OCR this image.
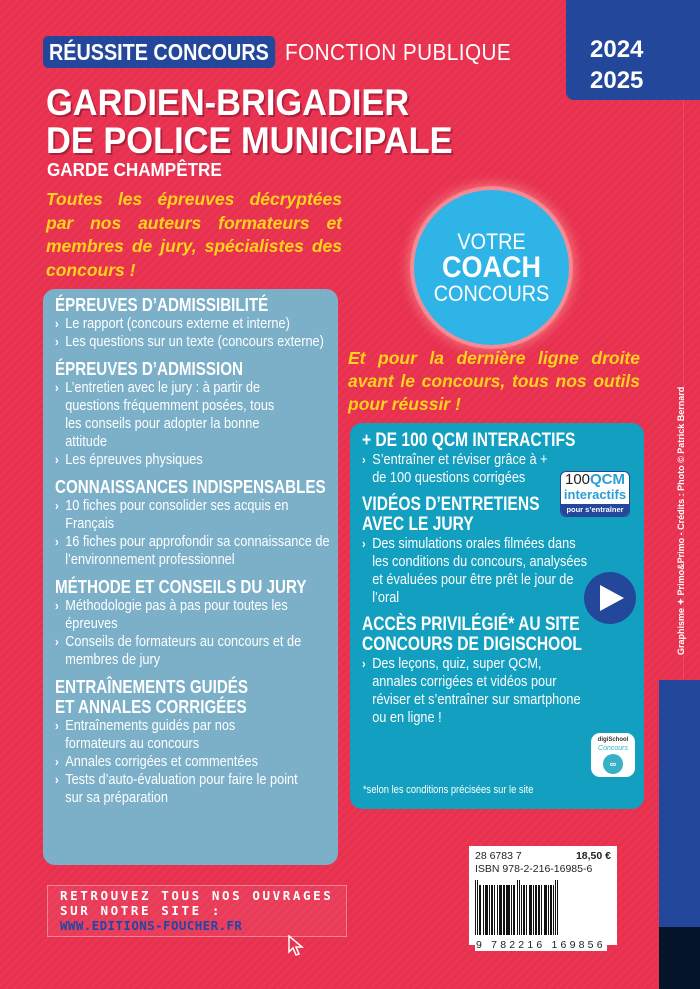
RÉUSSITE CONCOURS FONCTION PUBLIQUE	2024
2025
GARDIEN-BRIGADIER
DE POLICE MUNICIPALE
GARDE CHAMPÊTRE
Toutes les épreuves décryptées par nos auteurs formateurs et membres de jury, spécialistes des concours !
VOTRE
COACH
CONCOURS
ÉPREUVES D’ADMISSIBILITÉ
› Le rapport (concours externe et interne)
› Les questions sur un texte (concours externe)
ÉPREUVES D’ADMISSION
› L’entretien avec le jury : à partir de questions fréquemment posées, tous les conseils pour adopter la bonne attitude
› Les épreuves physiques
CONNAISSANCES INDISPENSABLES
› 10 fiches pour consolider ses acquis en Français
› 16 fiches pour approfondir sa connaissance de l’environnement professionnel
MÉTHODE ET CONSEILS DU JURY
› Méthodologie pas à pas pour toutes les épreuves
› Conseils de formateurs au concours et de membres de jury
ENTRAÎNEMENTS GUIDÉS ET ANNALES CORRIGÉES
› Entraînements guidés par nos formateurs au concours
› Annales corrigées et commentées
› Tests d’auto-évaluation pour faire le point sur sa préparation
Et pour la dernière ligne droite avant le concours, tous nos outils pour réussir !
+ DE 100 QCM INTERACTIFS
› S’entraîner et réviser grâce à + de 100 questions corrigées
VIDÉOS D’ENTRETIENS AVEC LE JURY
› Des simulations orales filmées dans les conditions du concours, analysées et évaluées pour être prêt le jour de l’oral
ACCÈS PRIVILÉGIÉ* AU SITE CONCOURS DE DIGISCHOOL
› Des leçons, quiz, super QCM, annales corrigées et vidéos pour réviser et s’entraîner sur smartphone ou en ligne !
*selon les conditions précisées sur le site
100QCM
interactifs
pour s’entraîner
digiSchool
Concours
∞
28 6783 7	18,50 €
ISBN 978-2-216-16985-6
9 782216 169856
RETROUVEZ TOUS NOS OUVRAGES
SUR NOTRE SITE :
WWW.EDITIONS-FOUCHER.FR
Graphisme ✦ Primo&Primo - Crédits : Photo © Patrick Bernard
